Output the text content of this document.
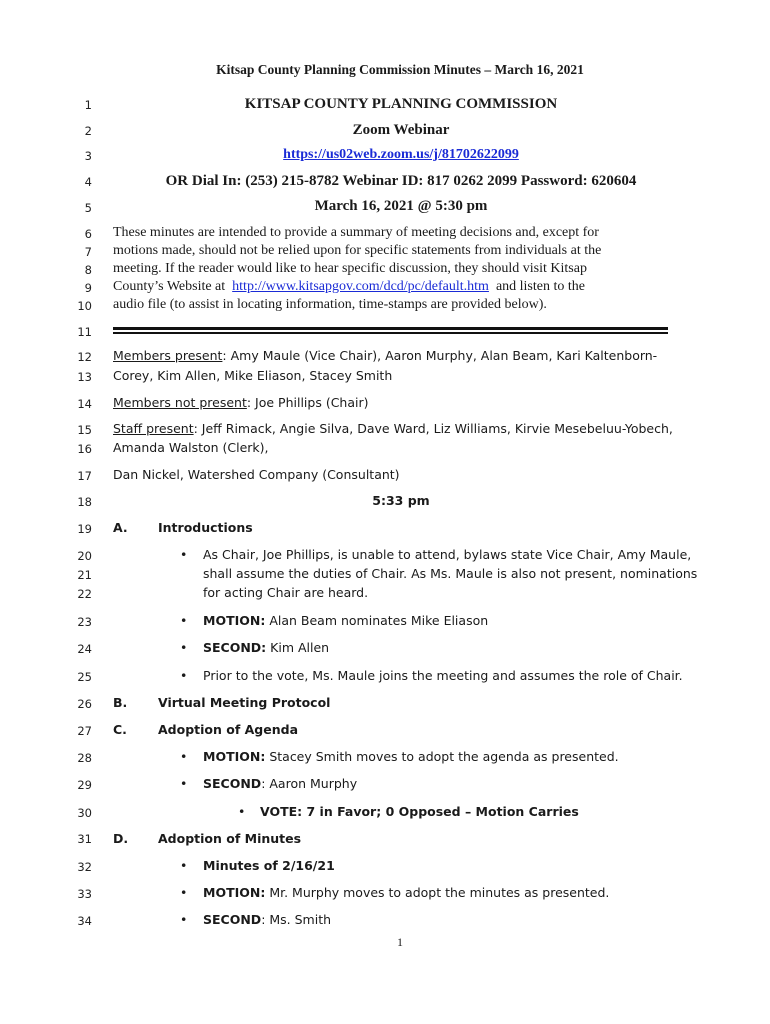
Kitsap County Planning Commission Minutes – March 16, 2021
1
2
3
4
5
6
7
8
9
10
11
12
13
14
15
16
17
18
19
20
21
22
23
24
25
26
27
28
29
30
31
32
33
34
KITSAP COUNTY PLANNING COMMISSION
Zoom Webinar
https://us02web.zoom.us/j/81702622099
OR Dial In: (253) 215-8782 Webinar ID: 817 0262 2099 Password: 620604
March 16, 2021 @ 5:30 pm
These minutes are intended to provide a summary of meeting decisions and, except for
motions made, should not be relied upon for specific statements from individuals at the
meeting. If the reader would like to hear specific discussion, they should visit Kitsap
County’s Website at  http://www.kitsapgov.com/dcd/pc/default.htm  and listen to the
audio file (to assist in locating information, time-stamps are provided below).
Members present: Amy Maule (Vice Chair), Aaron Murphy, Alan Beam, Kari Kaltenborn-
Corey, Kim Allen, Mike Eliason, Stacey Smith
Members not present: Joe Phillips (Chair)
Staff present: Jeff Rimack, Angie Silva, Dave Ward, Liz Williams, Kirvie Mesebeluu-Yobech,
Amanda Walston (Clerk),
Dan Nickel, Watershed Company (Consultant)
5:33 pm
A. Introductions
• As Chair, Joe Phillips, is unable to attend, bylaws state Vice Chair, Amy Maule,
shall assume the duties of Chair. As Ms. Maule is also not present, nominations
for acting Chair are heard.
• MOTION: Alan Beam nominates Mike Eliason
• SECOND: Kim Allen
• Prior to the vote, Ms. Maule joins the meeting and assumes the role of Chair.
B. Virtual Meeting Protocol
C. Adoption of Agenda
• MOTION: Stacey Smith moves to adopt the agenda as presented.
• SECOND: Aaron Murphy
• VOTE: 7 in Favor; 0 Opposed – Motion Carries
D. Adoption of Minutes
• Minutes of 2/16/21
• MOTION: Mr. Murphy moves to adopt the minutes as presented.
• SECOND: Ms. Smith
1
